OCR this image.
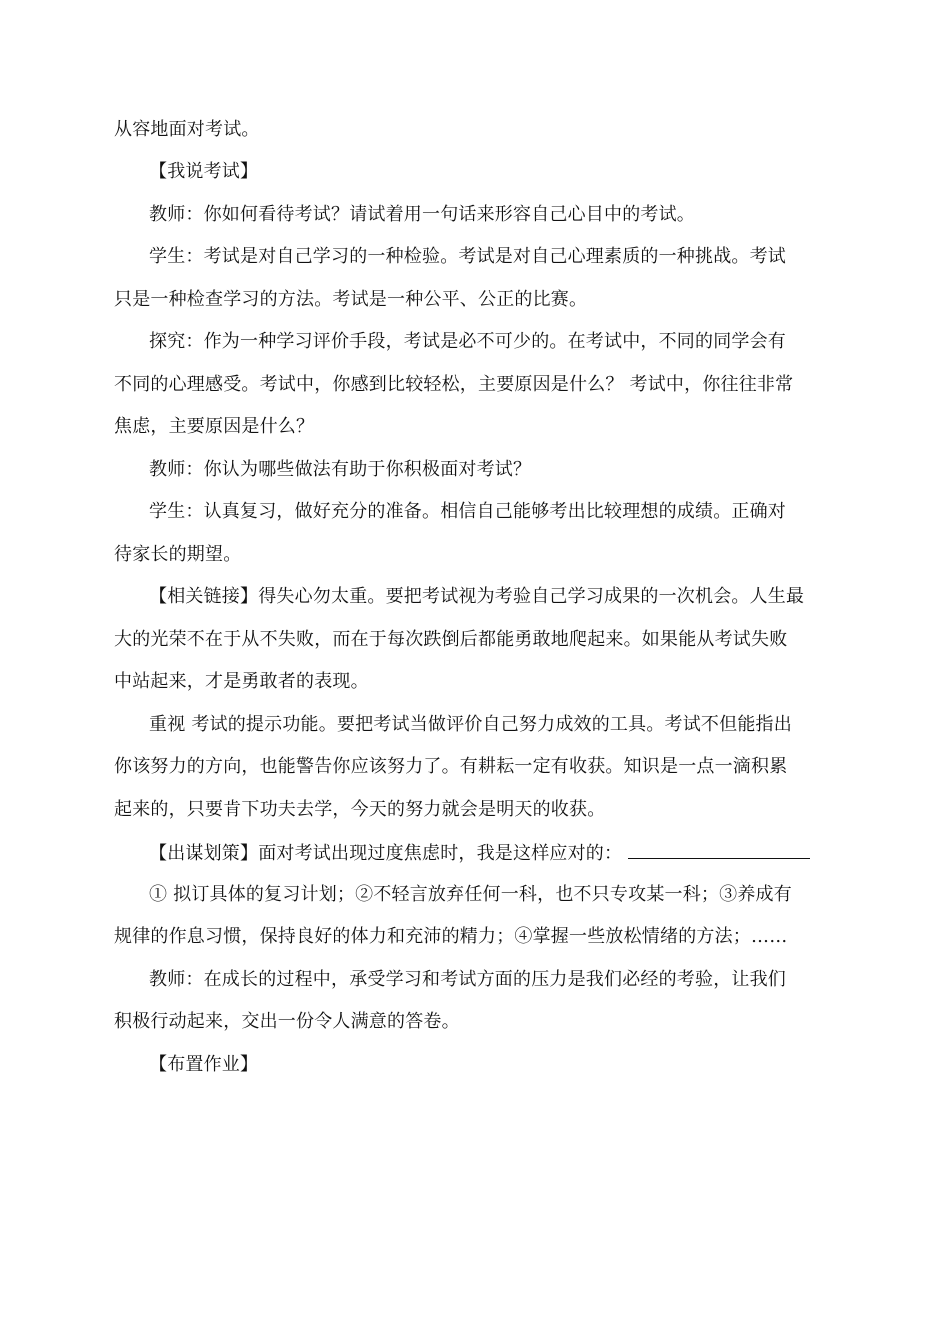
从容地面对考试。
【我说考试】
教师：你如何看待考试？请试着用一句话来形容自己心目中的考试。
学生：考试是对自己学习的一种检验。考试是对自己心理素质的一种挑战。考试
只是一种检查学习的方法。考试是一种公平、公正的比赛。
探究：作为一种学习评价手段，考试是必不可少的。在考试中，不同的同学会有
不同的心理感受。考试中，你感到比较轻松，主要原因是什么？ 考试中，你往往非常
焦虑，主要原因是什么？
教师：你认为哪些做法有助于你积极面对考试？
学生：认真复习，做好充分的准备。相信自己能够考出比较理想的成绩。正确对
待家长的期望。
【相关链接】得失心勿太重。要把考试视为考验自己学习成果的一次机会。人生最
大的光荣不在于从不失败，而在于每次跌倒后都能勇敢地爬起来。如果能从考试失败
中站起来，才是勇敢者的表现。
重视 考试的提示功能。要把考试当做评价自己努力成效的工具。考试不但能指出
你该努力的方向，也能警告你应该努力了。有耕耘一定有收获。知识是一点一滴积累
起来的，只要肯下功夫去学，今天的努力就会是明天的收获。
【出谋划策】面对考试出现过度焦虑时，我是这样应对的：
① 拟订具体的复习计划；②不轻言放弃任何一科，也不只专攻某一科；③养成有
规律的作息习惯，保持良好的体力和充沛的精力；④掌握一些放松情绪的方法；……
教师：在成长的过程中，承受学习和考试方面的压力是我们必经的考验，让我们
积极行动起来，交出一份令人满意的答卷。
【布置作业】
